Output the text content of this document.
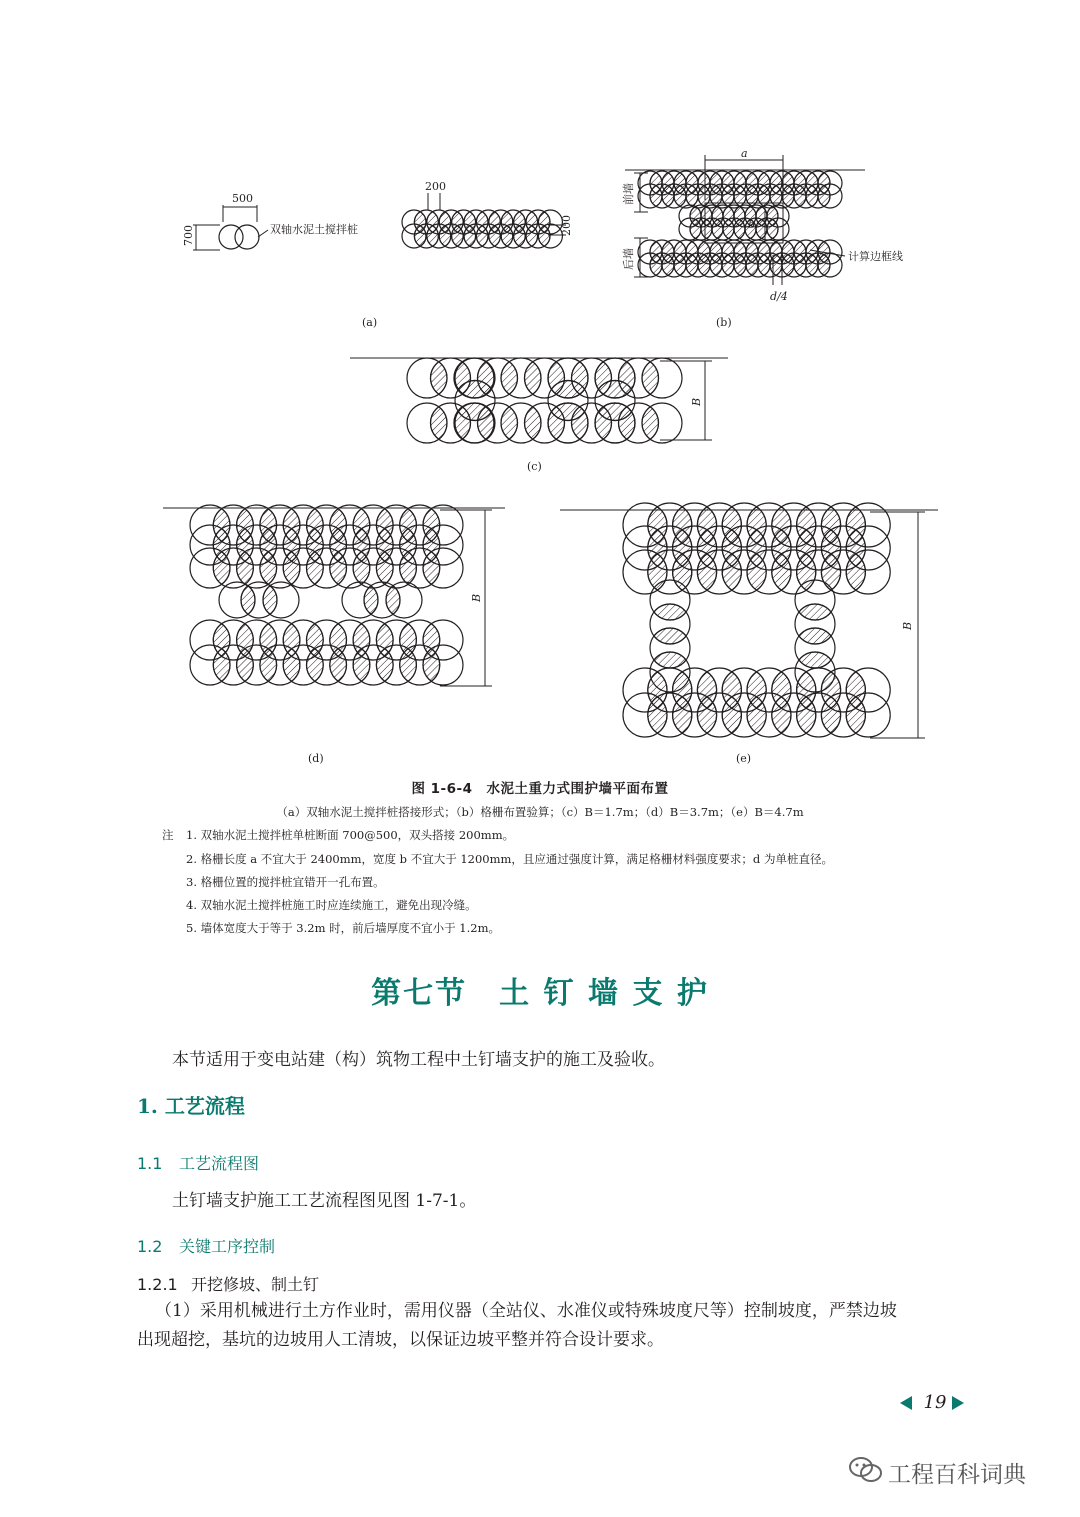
500
700	双轴水泥土搅拌桩
(a)
200
200
a
b
前墙
后墙	计算边框线
d/4
(b)
B
(c)
B
(d)
B
(e)
图 1-6-4　水泥土重力式围护墙平面布置
（a）双轴水泥土搅拌桩搭接形式；（b）格栅布置验算；（c）B＝1.7m；（d）B＝3.7m；（e）B＝4.7m
注 1. 双轴水泥土搅拌桩单桩断面 700@500，双头搭接 200mm。
2. 格栅长度 a 不宜大于 2400mm，宽度 b 不宜大于 1200mm，且应通过强度计算，满足格栅材料强度要求；d 为单桩直径。
3. 格栅位置的搅拌桩宜错开一孔布置。
4. 双轴水泥土搅拌桩施工时应连续施工，避免出现冷缝。
5. 墙体宽度大于等于 3.2m 时，前后墙厚度不宜小于 1.2m。
第七节　土 钉 墙 支 护
本节适用于变电站建（构）筑物工程中土钉墙支护的施工及验收。
1. 工艺流程
1.1 工艺流程图
土钉墙支护施工工艺流程图见图 1-7-1。
1.2 关键工序控制
1.2.1 开挖修坡、制土钉
（1）采用机械进行土方作业时，需用仪器（全站仪、水准仪或特殊坡度尺等）控制坡度，严禁边坡
出现超挖，基坑的边坡用人工清坡，以保证边坡平整并符合设计要求。
19
工程百科词典
